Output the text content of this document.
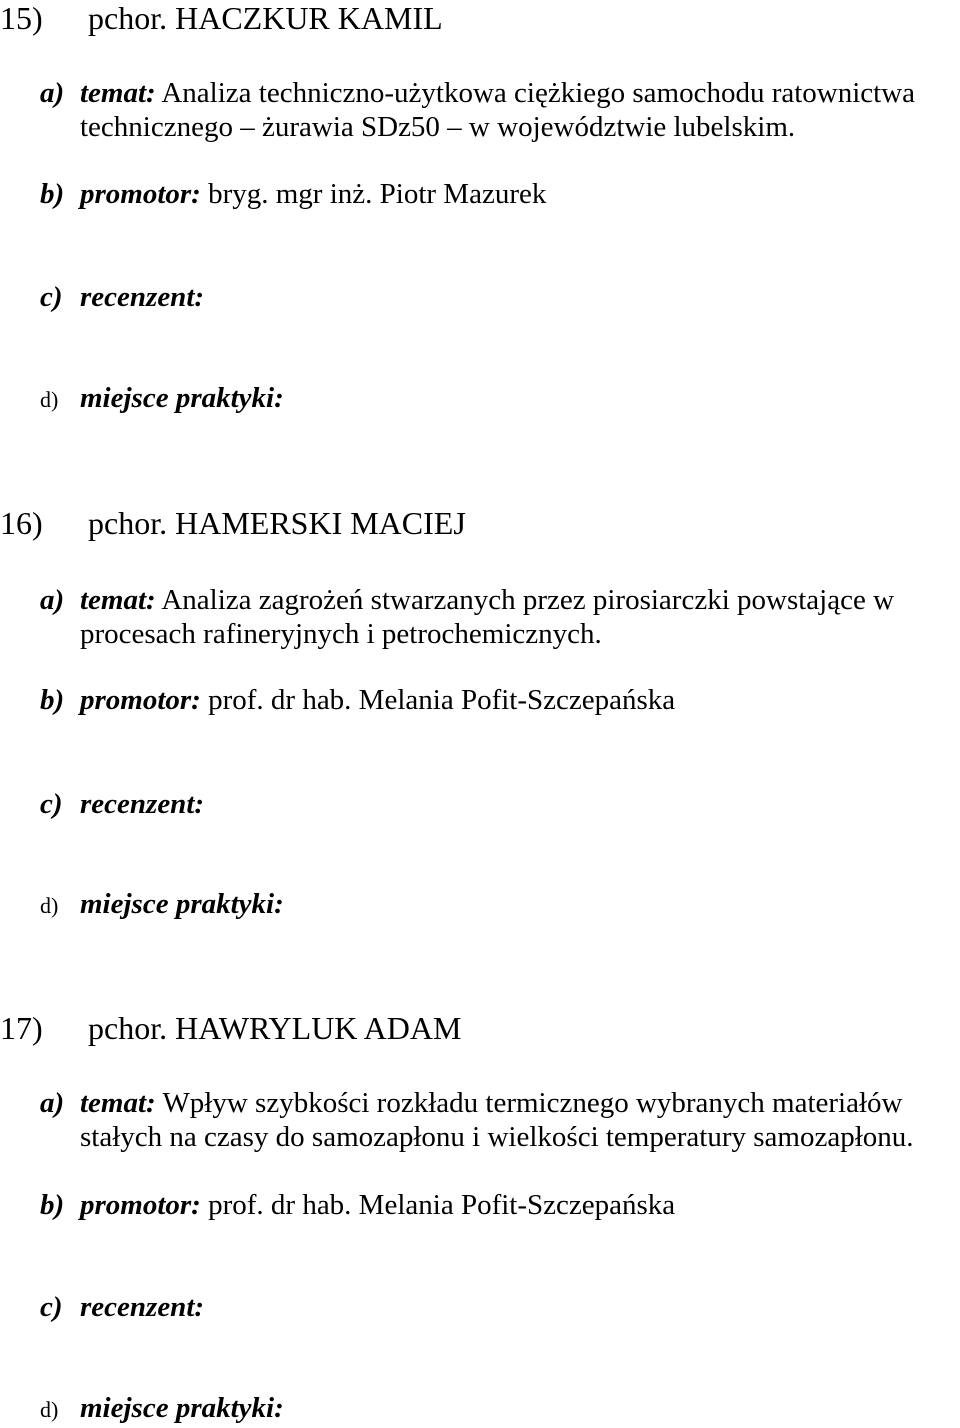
15) pchor. HACZKUR KAMIL
a) temat: Analiza techniczno-użytkowa ciężkiego samochodu ratownictwa
technicznego – żurawia SDz50 – w województwie lubelskim.
b) promotor: bryg. mgr inż. Piotr Mazurek
c) recenzent:
d) miejsce praktyki:
16) pchor. HAMERSKI MACIEJ
a) temat: Analiza zagrożeń stwarzanych przez pirosiarczki powstające w
procesach rafineryjnych i petrochemicznych.
b) promotor: prof. dr hab. Melania Pofit-Szczepańska
c) recenzent:
d) miejsce praktyki:
17) pchor. HAWRYLUK ADAM
a) temat: Wpływ szybkości rozkładu termicznego wybranych materiałów
stałych na czasy do samozapłonu i wielkości temperatury samozapłonu.
b) promotor: prof. dr hab. Melania Pofit-Szczepańska
c) recenzent:
d) miejsce praktyki:
